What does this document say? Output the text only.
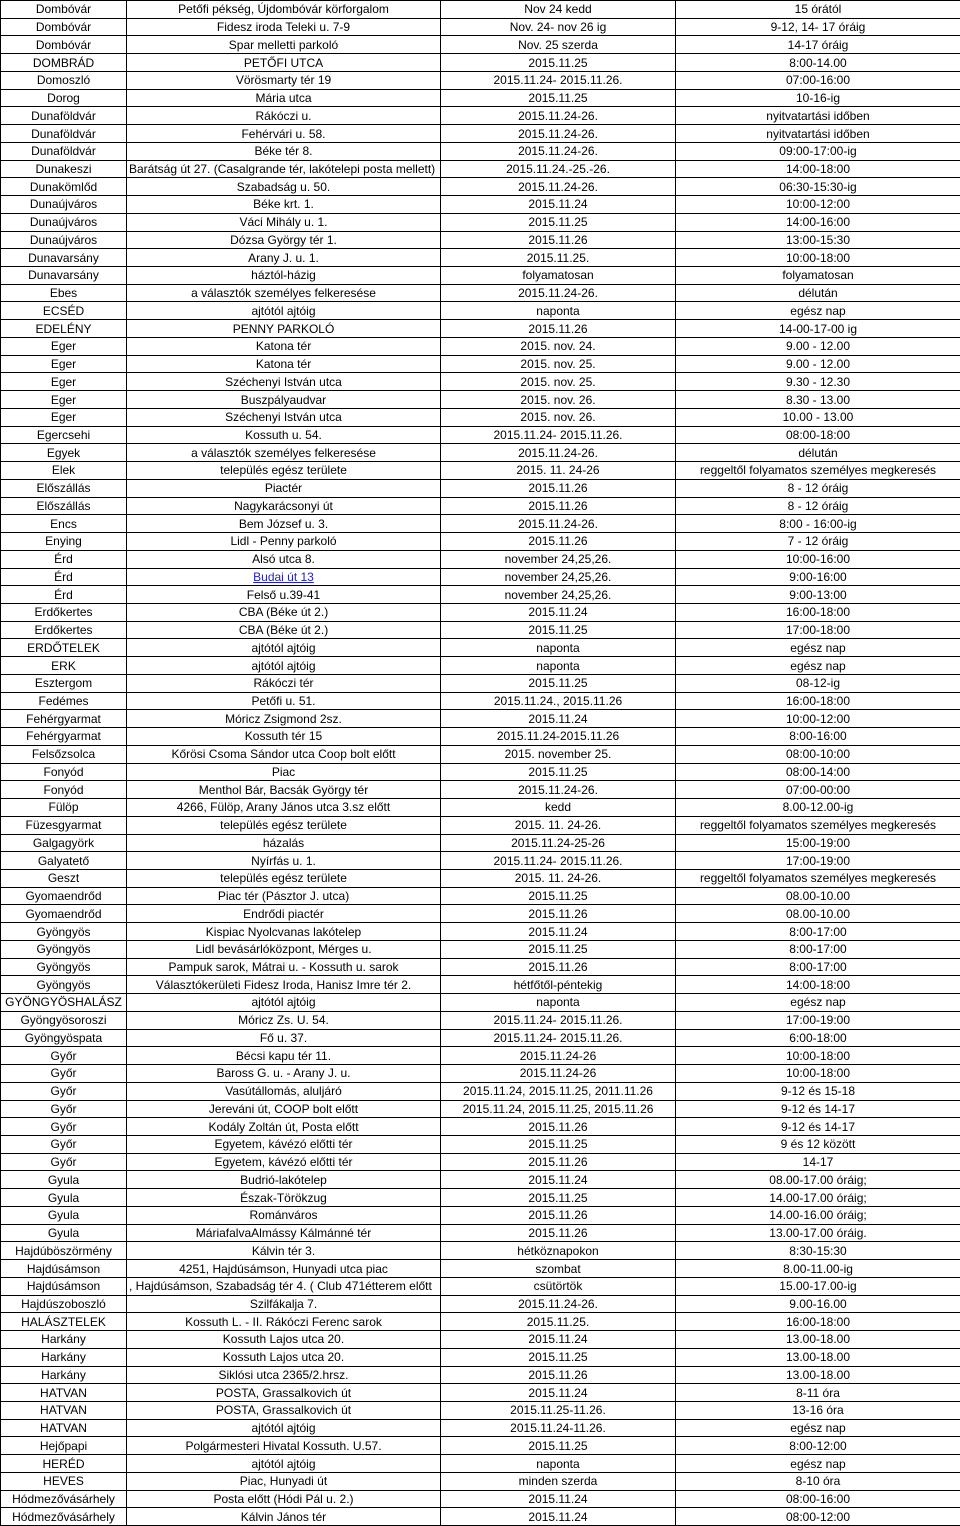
Dombóvár	Petőfi pékség, Újdombóvár körforgalom	Nov 24 kedd	15 órától
Dombóvár	Fidesz iroda Teleki u. 7-9	Nov. 24- nov 26 ig	9-12, 14- 17 óráig
Dombóvár	Spar melletti parkoló	Nov. 25 szerda	14-17 óráig
DOMBRÁD	PETŐFI UTCA	2015.11.25	8:00-14.00
Domoszló	Vörösmarty tér 19	2015.11.24- 2015.11.26.	07:00-16:00
Dorog	Mária utca	2015.11.25	10-16-ig
Dunaföldvár	Rákóczi u.	2015.11.24-26.	nyitvatartási időben
Dunaföldvár	Fehérvári u. 58.	2015.11.24-26.	nyitvatartási időben
Dunaföldvár	Béke tér 8.	2015.11.24-26.	09:00-17:00-ig
Dunakeszi	Barátság út 27. (Casalgrande tér, lakótelepi posta mellett)	2015.11.24.-25.-26.	14:00-18:00
Dunakömlőd	Szabadság u. 50.	2015.11.24-26.	06:30-15:30-ig
Dunaújváros	Béke krt. 1.	2015.11.24	10:00-12:00
Dunaújváros	Váci Mihály u. 1.	2015.11.25	14:00-16:00
Dunaújváros	Dózsa György tér 1.	2015.11.26	13:00-15:30
Dunavarsány	Arany J. u. 1.	2015.11.25.	10:00-18:00
Dunavarsány	háztól-házig	folyamatosan	folyamatosan
Ebes	a választók személyes felkeresése	2015.11.24-26.	délután
ECSÉD	ajtótól ajtóig	naponta	egész nap
EDELÉNY	PENNY PARKOLÓ	2015.11.26	14-00-17-00 ig
Eger	Katona tér	2015. nov. 24.	9.00 - 12.00
Eger	Katona tér	2015. nov. 25.	9.00 - 12.00
Eger	Széchenyi István utca	2015. nov. 25.	9.30 - 12.30
Eger	Buszpályaudvar	2015. nov. 26.	8.30 - 13.00
Eger	Széchenyi István utca	2015. nov. 26.	10.00 - 13.00
Egercsehi	Kossuth u. 54.	2015.11.24- 2015.11.26.	08:00-18:00
Egyek	a választók személyes felkeresése	2015.11.24-26.	délután
Elek	település egész területe	2015. 11. 24-26	reggeltől folyamatos személyes megkeresés
Előszállás	Piactér	2015.11.26	8 - 12 óráig
Előszállás	Nagykarácsonyi út	2015.11.26	8 - 12 óráig
Encs	Bem József u. 3.	2015.11.24-26.	8:00 - 16:00-ig
Enying	Lidl - Penny parkoló	2015.11.26	7 - 12 óráig
Érd	Alsó utca 8.	november 24,25,26.	10:00-16:00
Érd	Budai út 13	november 24,25,26.	9:00-16:00
Érd	Felső u.39-41	november 24,25,26.	9:00-13:00
Erdőkertes	CBA (Béke út 2.)	2015.11.24	16:00-18:00
Erdőkertes	CBA (Béke út 2.)	2015.11.25	17:00-18:00
ERDŐTELEK	ajtótól ajtóig	naponta	egész nap
ERK	ajtótól ajtóig	naponta	egész nap
Esztergom	Rákóczi tér	2015.11.25	08-12-ig
Fedémes	Petőfi u. 51.	2015.11.24., 2015.11.26	16:00-18:00
Fehérgyarmat	Móricz Zsigmond 2sz.	2015.11.24	10:00-12:00
Fehérgyarmat	Kossuth tér 15	2015.11.24-2015.11.26	8:00-16:00
Felsőzsolca	Kőrösi Csoma Sándor utca Coop bolt előtt	2015. november 25.	08:00-10:00
Fonyód	Piac	2015.11.25	08:00-14:00
Fonyód	Menthol Bár, Bacsák György tér	2015.11.24-26.	07:00-00:00
Fülöp	4266, Fülöp, Arany János utca 3.sz előtt	kedd	8.00-12.00-ig
Füzesgyarmat	település egész területe	2015. 11. 24-26.	reggeltől folyamatos személyes megkeresés
Galgagyörk	házalás	2015.11.24-25-26	15:00-19:00
Galyatető	Nyírfás u. 1.	2015.11.24- 2015.11.26.	17:00-19:00
Geszt	település egész területe	2015. 11. 24-26.	reggeltől folyamatos személyes megkeresés
Gyomaendrőd	Piac tér (Pásztor J. utca)	2015.11.25	08.00-10.00
Gyomaendrőd	Endrődi piactér	2015.11.26	08.00-10.00
Gyöngyös	Kispiac Nyolcvanas lakótelep	2015.11.24	8:00-17:00
Gyöngyös	Lidl bevásárlóközpont, Mérges u.	2015.11.25	8:00-17:00
Gyöngyös	Pampuk sarok, Mátrai u. - Kossuth u. sarok	2015.11.26	8:00-17:00
Gyöngyös	Választókerületi Fidesz Iroda, Hanisz Imre tér 2.	hétfőtől-péntekig	14:00-18:00
GYÖNGYÖSHALÁSZ	ajtótól ajtóig	naponta	egész nap
Gyöngyösoroszi	Móricz Zs. U. 54.	2015.11.24- 2015.11.26.	17:00-19:00
Gyöngyöspata	Fő u. 37.	2015.11.24- 2015.11.26.	6:00-18:00
Győr	Bécsi kapu tér 11.	2015.11.24-26	10:00-18:00
Győr	Baross G. u. - Arany J. u.	2015.11.24-26	10:00-18:00
Győr	Vasútállomás, aluljáró	2015.11.24, 2015.11.25, 2011.11.26	9-12 és 15-18
Győr	Jereváni út, COOP bolt előtt	2015.11.24, 2015.11.25, 2015.11.26	9-12 és 14-17
Győr	Kodály Zoltán út, Posta előtt	2015.11.26	9-12 és 14-17
Győr	Egyetem, kávézó előtti tér	2015.11.25	9 és 12 között
Győr	Egyetem, kávézó előtti tér	2015.11.26	14-17
Gyula	Budrió-lakótelep	2015.11.24	08.00-17.00 óráig;
Gyula	Észak-Törökzug	2015.11.25	14.00-17.00 óráig;
Gyula	Románváros	2015.11.26	14.00-16.00 óráig;
Gyula	MáriafalvaAlmássy Kálmánné tér	2015.11.26	13.00-17.00 óráig.
Hajdúböszörmény	Kálvin tér 3.	hétköznapokon	8:30-15:30
Hajdúsámson	4251, Hajdúsámson, Hunyadi utca piac	szombat	8.00-11.00-ig
Hajdúsámson	, Hajdúsámson, Szabadság tér 4. ( Club 471étterem előtt	csütörtök	15.00-17.00-ig
Hajdúszoboszló	Szilfákalja 7.	2015.11.24-26.	9.00-16.00
HALÁSZTELEK	Kossuth L. - II. Rákóczi Ferenc sarok	2015.11.25.	16:00-18:00
Harkány	Kossuth Lajos utca 20.	2015.11.24	13.00-18.00
Harkány	Kossuth Lajos utca 20.	2015.11.25	13.00-18.00
Harkány	Siklósi utca 2365/2.hrsz.	2015.11.26	13.00-18.00
HATVAN	POSTA, Grassalkovich út	2015.11.24	8-11 óra
HATVAN	POSTA, Grassalkovich út	2015.11.25-11.26.	13-16 óra
HATVAN	ajtótól ajtóig	2015.11.24-11.26.	egész nap
Hejőpapi	Polgármesteri Hivatal Kossuth. U.57.	2015.11.25	8:00-12:00
HERÉD	ajtótól ajtóig	naponta	egész nap
HEVES	Piac, Hunyadi út	minden szerda	8-10 óra
Hódmezővásárhely	Posta előtt (Hódi Pál u. 2.)	2015.11.24	08:00-16:00
Hódmezővásárhely	Kálvin János tér	2015.11.24	08:00-12:00
